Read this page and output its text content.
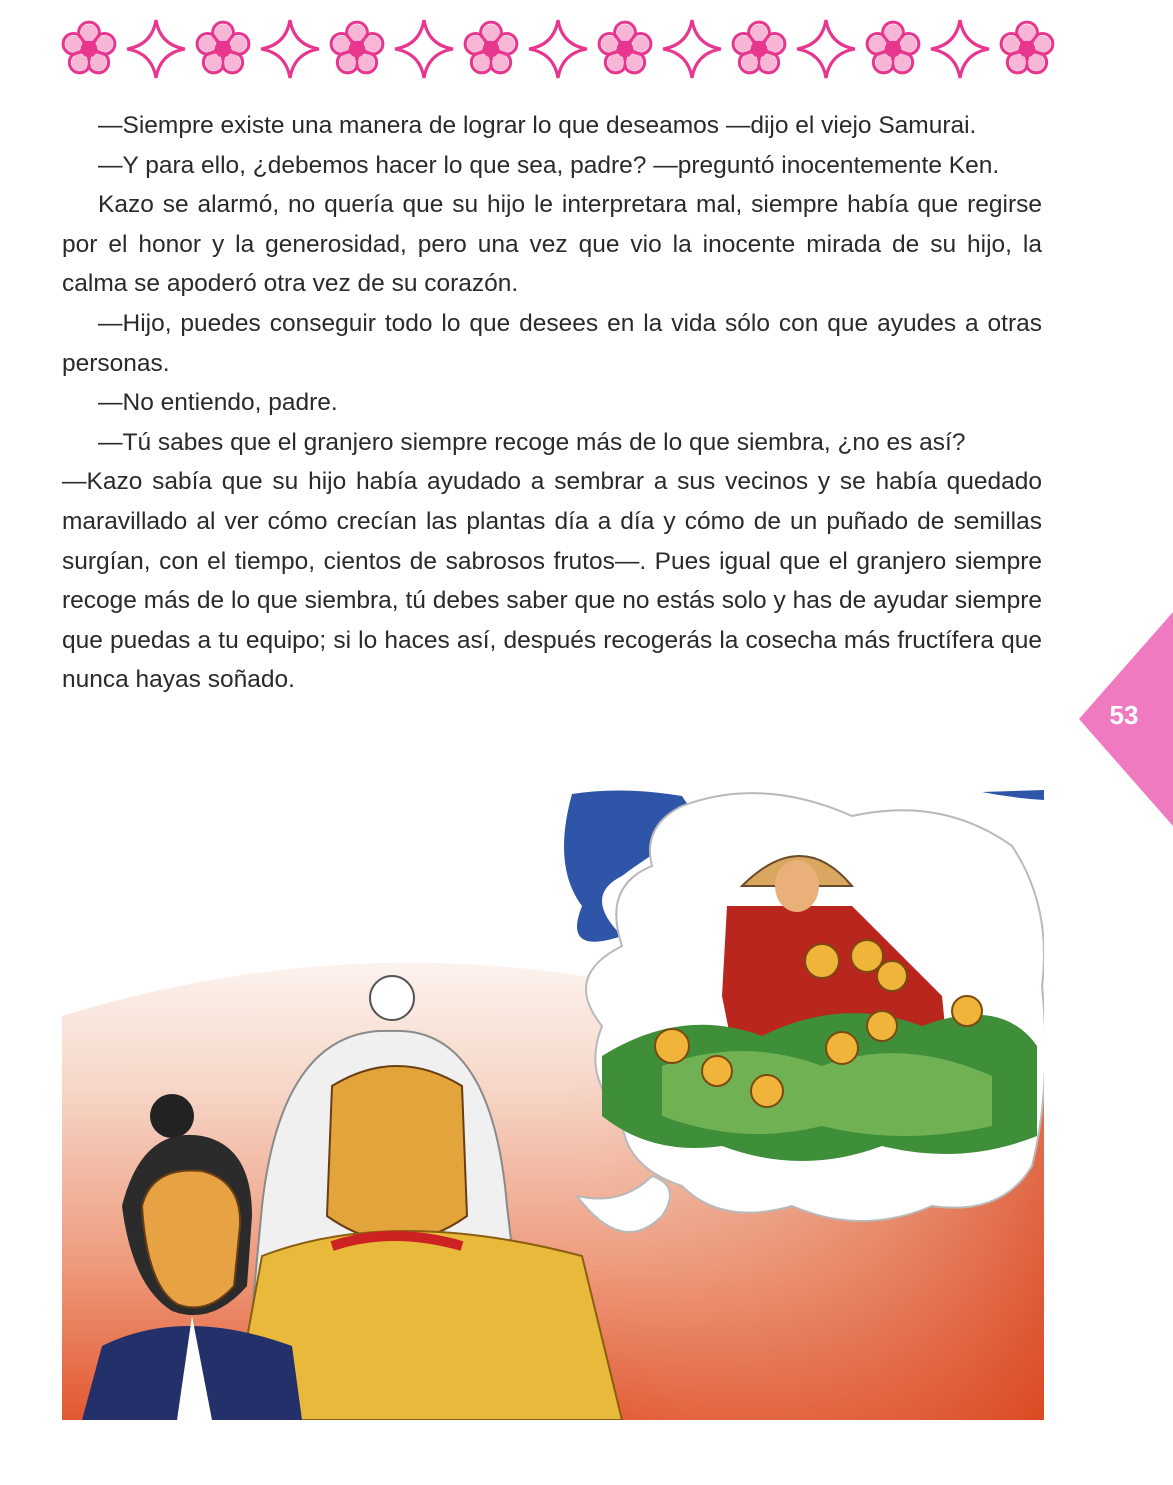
—Siempre existe una manera de lograr lo que deseamos —dijo el viejo Samurai.

—Y para ello, ¿debemos hacer lo que sea, padre? —preguntó inocentemente Ken.

Kazo se alarmó, no quería que su hijo le interpretara mal, siempre había que regirse por el honor y la generosidad, pero una vez que vio la inocente mirada de su hijo, la calma se apoderó otra vez de su corazón.

—Hijo, puedes conseguir todo lo que desees en la vida sólo con que ayudes a otras personas.

—No entiendo, padre.

—Tú sabes que el granjero siempre recoge más de lo que siembra, ¿no es así?

—Kazo sabía que su hijo había ayudado a sembrar a sus vecinos y se había quedado maravillado al ver cómo crecían las plantas día a día y cómo de un puñado de semillas surgían, con el tiempo, cientos de sabrosos frutos—. Pues igual que el granjero siempre recoge más de lo que siembra, tú debes saber que no estás solo y has de ayudar siempre que puedas a tu equipo; si lo haces así, después recogerás la cosecha más fructífera que nunca hayas soñado.

53
